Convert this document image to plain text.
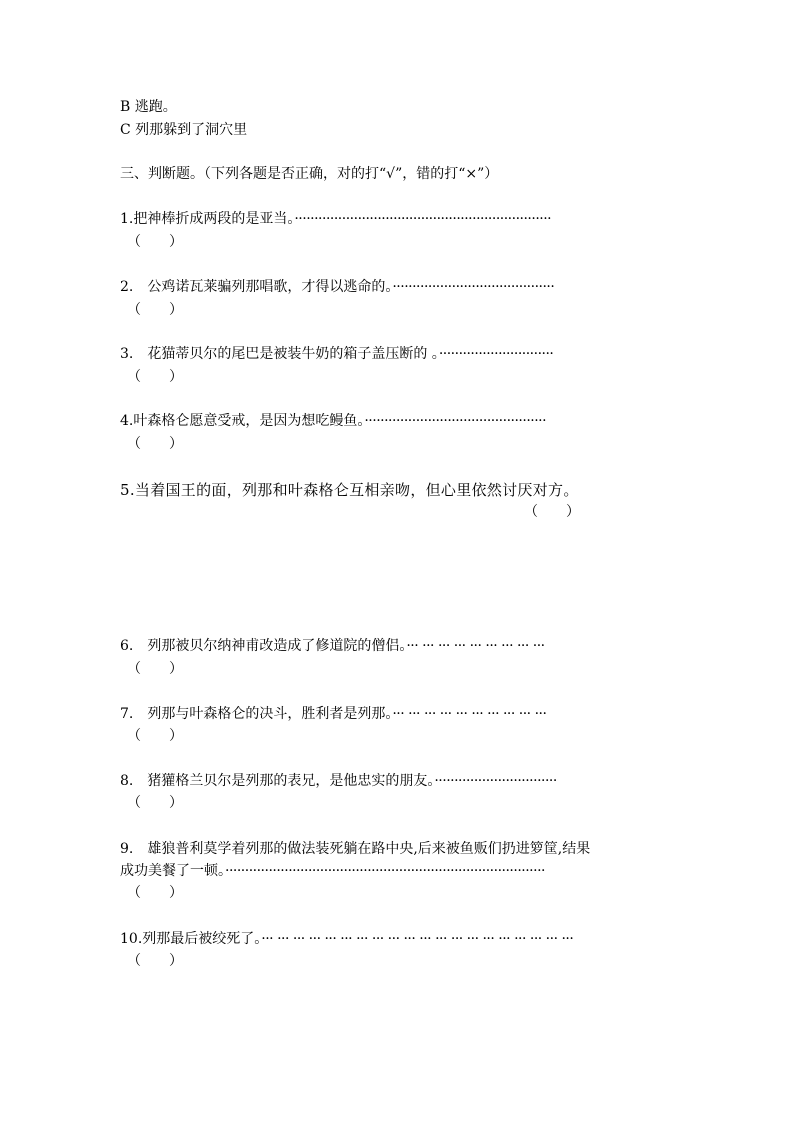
B 逃跑。
C 列那躲到了洞穴里
三、判断题。（下列各题是否正确，对的打“√”，错的打“×”）
1.把神棒折成两段的是亚当。·································································
（　　）
2.　公鸡诺瓦莱骗列那唱歌，才得以逃命的。·········································
（　　）
3.　花猫蒂贝尔的尾巴是被装牛奶的箱子盖压断的 。·····························
（　　）
4.叶森格仑愿意受戒，是因为想吃鳗鱼。··············································
（　　）
5.当着国王的面，列那和叶森格仑互相亲吻，但心里依然讨厌对方。
（　　）
6.　列那被贝尔纳神甫改造成了修道院的僧侣。··· ··· ··· ··· ··· ··· ··· ··· ···
（　　）
7.　列那与叶森格仑的决斗，胜利者是列那。··· ··· ··· ··· ··· ··· ··· ··· ··· ···
（　　）
8.　猪獾格兰贝尔是列那的表兄，是他忠实的朋友。·······························
（　　）
9.　雄狼普利莫学着列那的做法装死躺在路中央,后来被鱼贩们扔进箩筐,结果
成功美餐了一顿。·················································································
（　　）
10.列那最后被绞死了。··· ··· ··· ··· ··· ··· ··· ··· ··· ··· ··· ··· ··· ··· ··· ··· ··· ··· ··· ···
（　　）
